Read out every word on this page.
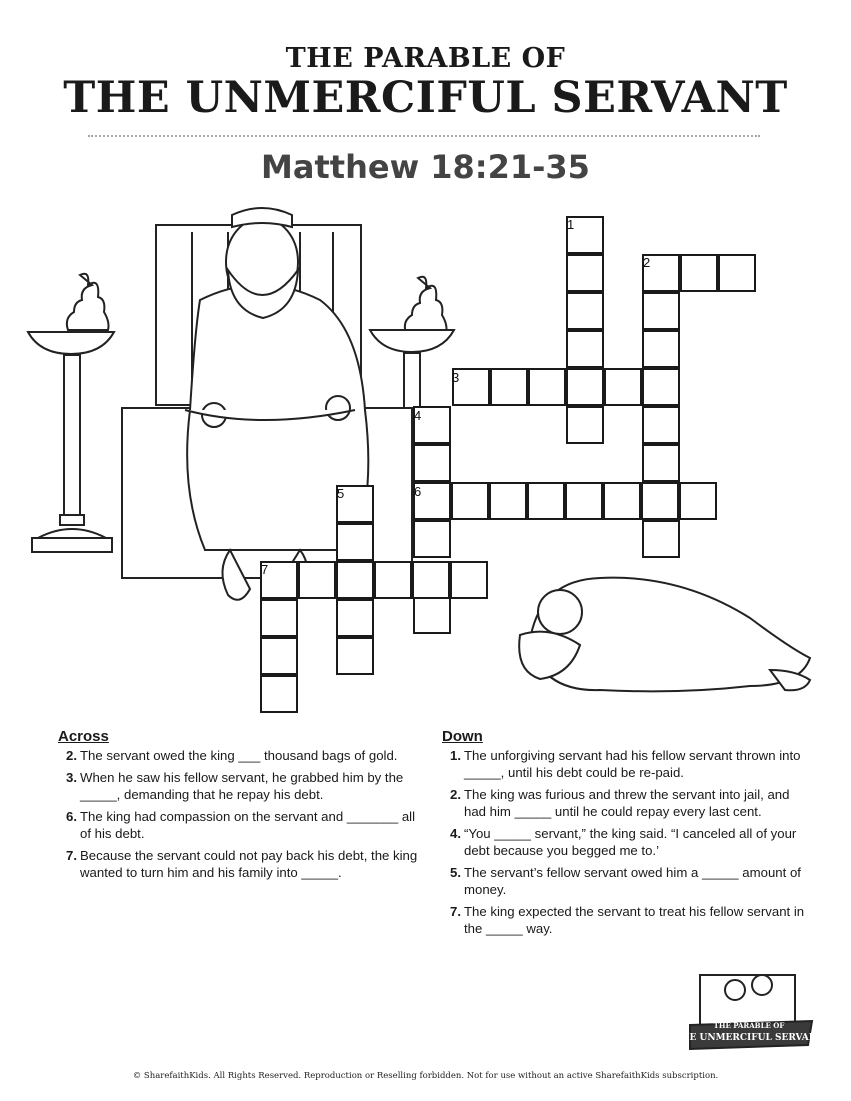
THE PARABLE OF
THE UNMERCIFUL SERVANT
Matthew 18:21-35
THE PARABLE OF
THE UNMERCIFUL SERVANT
1
2
3
4
5	6
7
Across
2. The servant owed the king ___ thousand bags of gold.
3. When he saw his fellow servant, he grabbed him by the _____, demanding that he repay his debt.
6. The king had compassion on the servant and _______ all of his debt.
7. Because the servant could not pay back his debt, the king wanted to turn him and his family into _____.
Down
1. The unforgiving servant had his fellow servant thrown into _____, until his debt could be re-paid.
2. The king was furious and threw the servant into jail, and had him _____ until he could repay every last cent.
4. “You _____ servant,” the king said. “I canceled all of your debt because you begged me to.’
5. The servant’s fellow servant owed him a _____ amount of money.
7. The king expected the servant to treat his fellow servant in the _____ way.
© SharefaithKids. All Rights Reserved. Reproduction or Reselling forbidden. Not for use without an active SharefaithKids subscription.
